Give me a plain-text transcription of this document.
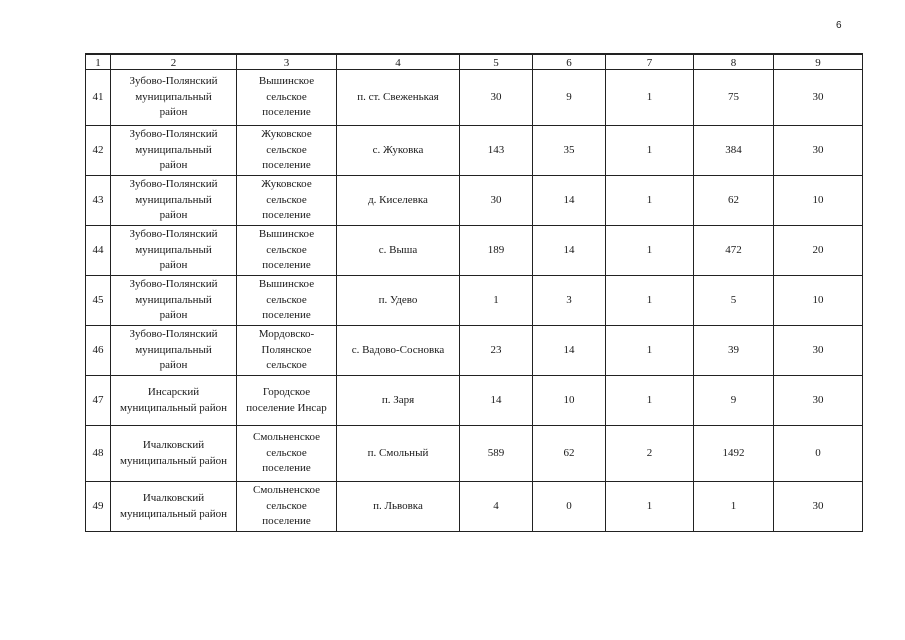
6
1	2	3	4	5	6	7	8	9
41	Зубово-Полянский
муниципальный
район	Вышинское
сельское
поселение	п. ст. Свеженькая	30	9	1	75	30
42	Зубово-Полянский
муниципальный
район	Жуковское
сельское
поселение	с. Жуковка	143	35	1	384	30
43	Зубово-Полянский
муниципальный
район	Жуковское
сельское
поселение	д. Киселевка	30	14	1	62	10
44	Зубово-Полянский
муниципальный
район	Вышинское
сельское
поселение	с. Выша	189	14	1	472	20
45	Зубово-Полянский
муниципальный
район	Вышинское
сельское
поселение	п. Удево	1	3	1	5	10
46	Зубово-Полянский
муниципальный
район	Мордовско-
Полянское
сельское	с. Вадово-Сосновка	23	14	1	39	30
47	Инсарский
муниципальный район	Городское
поселение Инсар	п. Заря	14	10	1	9	30
48	Ичалковский
муниципальный район	Смольненское
сельское
поселение	п. Смольный	589	62	2	1492	0
49	Ичалковский
муниципальный район	Смольненское
сельское
поселение	п. Львовка	4	0	1	1	30
